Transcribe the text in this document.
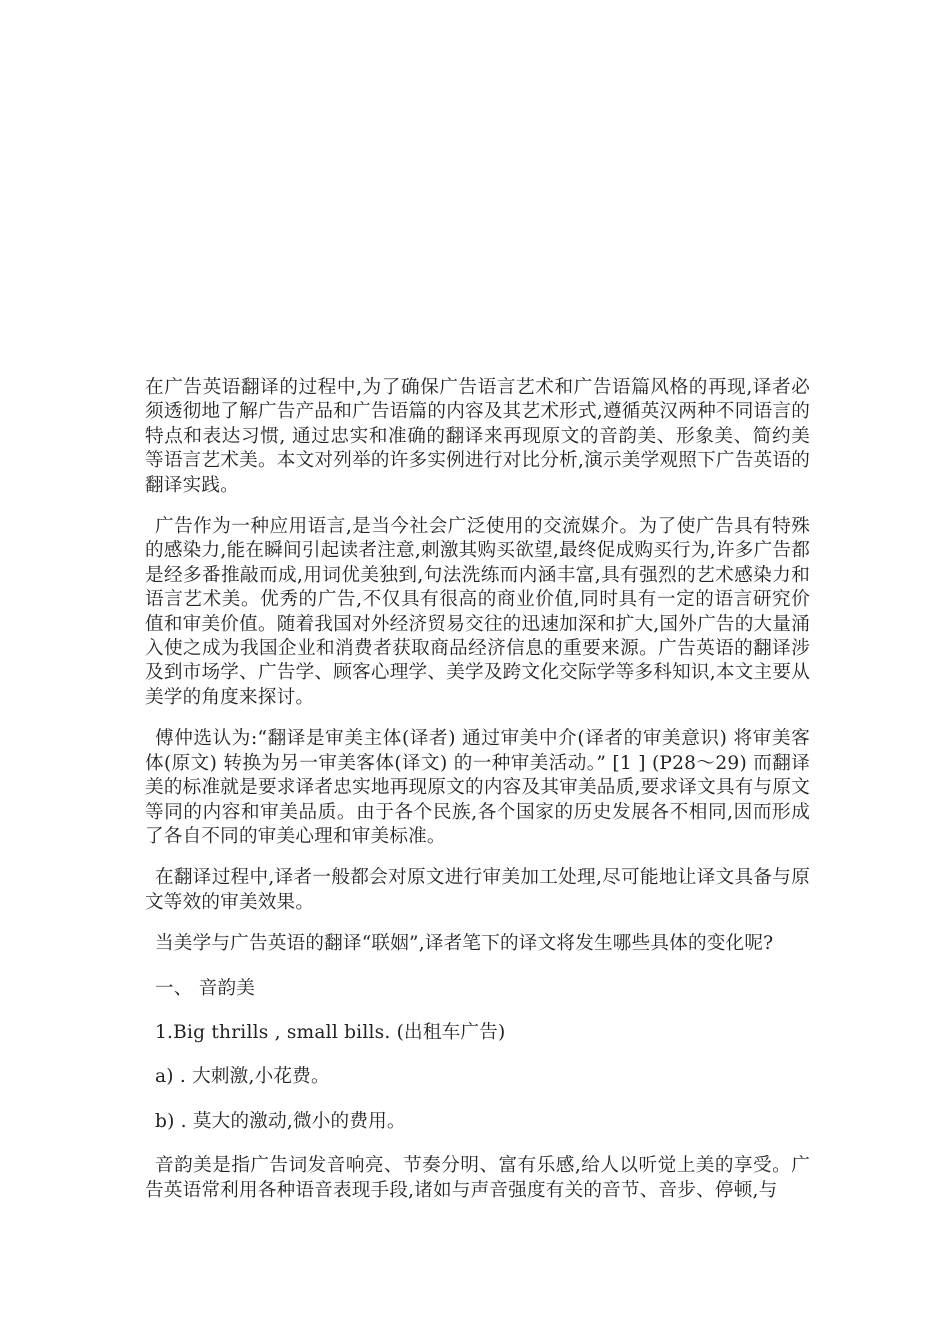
在广告英语翻译的过程中,为了确保广告语言艺术和广告语篇风格的再现,译者必须透彻地了解广告产品和广告语篇的内容及其艺术形式,遵循英汉两种不同语言的特点和表达习惯, 通过忠实和准确的翻译来再现原文的音韵美、形象美、简约美等语言艺术美。本文对列举的许多实例进行对比分析,演示美学观照下广告英语的翻译实践。

广告作为一种应用语言,是当今社会广泛使用的交流媒介。为了使广告具有特殊的感染力,能在瞬间引起读者注意,刺激其购买欲望,最终促成购买行为,许多广告都是经多番推敲而成,用词优美独到,句法洗练而内涵丰富,具有强烈的艺术感染力和语言艺术美。优秀的广告,不仅具有很高的商业价值,同时具有一定的语言研究价值和审美价值。随着我国对外经济贸易交往的迅速加深和扩大,国外广告的大量涌入使之成为我国企业和消费者获取商品经济信息的重要来源。广告英语的翻译涉及到市场学、广告学、顾客心理学、美学及跨文化交际学等多科知识,本文主要从美学的角度来探讨。

傅仲选认为:“翻译是审美主体(译者) 通过审美中介(译者的审美意识) 将审美客体(原文) 转换为另一审美客体(译文) 的一种审美活动。” [1 ] (P28～29) 而翻译美的标准就是要求译者忠实地再现原文的内容及其审美品质,要求译文具有与原文等同的内容和审美品质。由于各个民族,各个国家的历史发展各不相同,因而形成了各自不同的审美心理和审美标准。

在翻译过程中,译者一般都会对原文进行审美加工处理,尽可能地让译文具备与原文等效的审美效果。

当美学与广告英语的翻译“联姻”,译者笔下的译文将发生哪些具体的变化呢?

一、 音韵美

1.Big thrills , small bills. (出租车广告)

a) . 大刺激,小花费。

b) . 莫大的激动,微小的费用。

音韵美是指广告词发音响亮、节奏分明、富有乐感,给人以听觉上美的享受。广告英语常利用各种语音表现手段,诸如与声音强度有关的音节、音步、停顿,与
